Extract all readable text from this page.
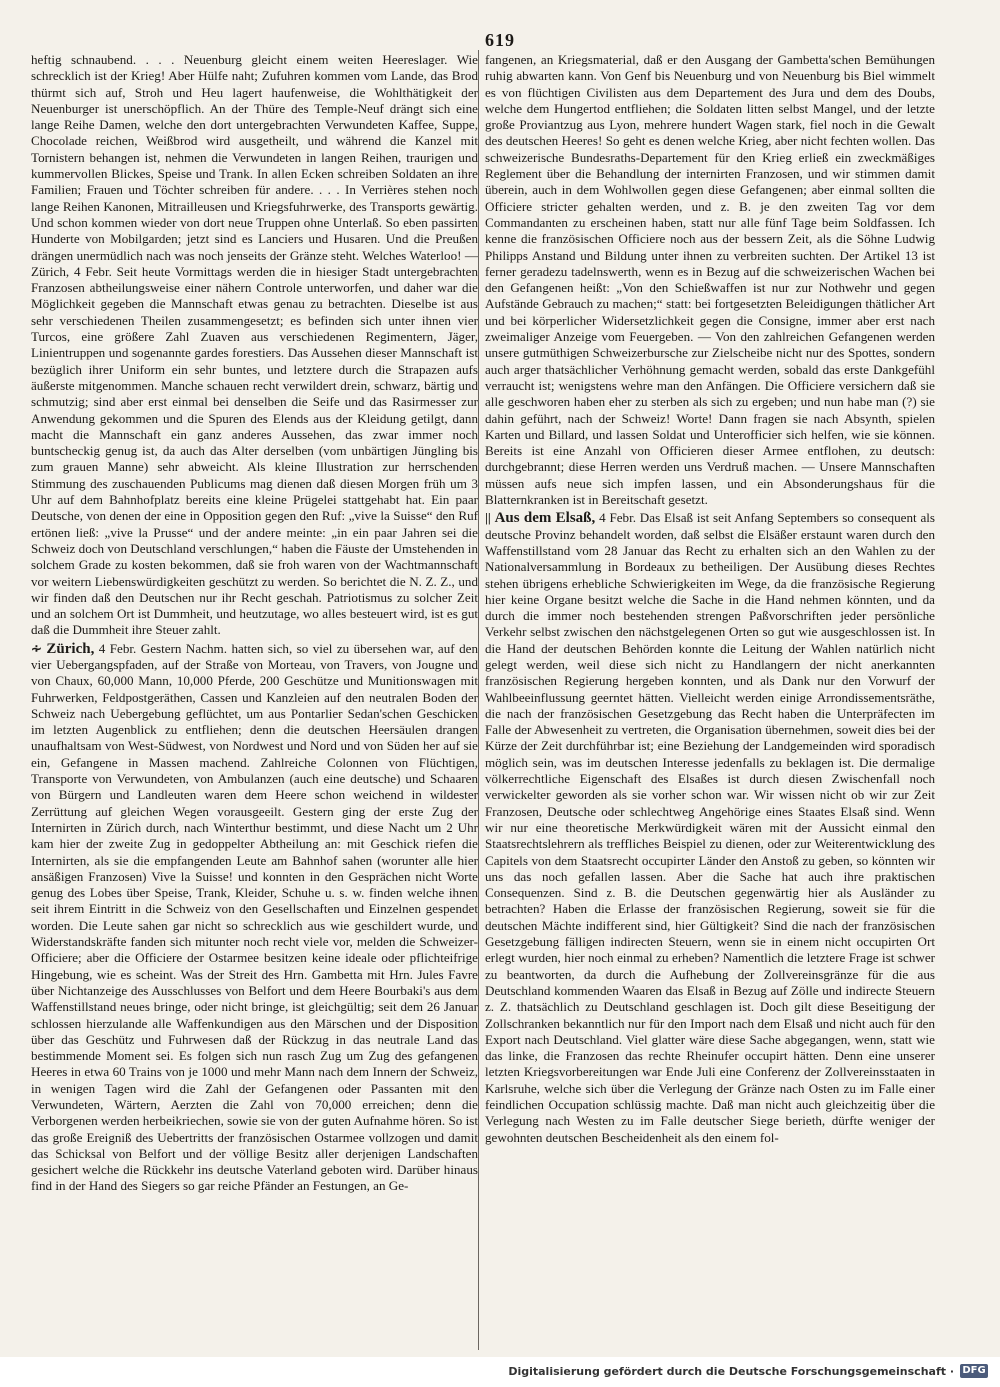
619

heftig schnaubend. . . . Neuenburg gleicht einem weiten Heereslager. Wie schrecklich ist der Krieg! Aber Hülfe naht; Zufuhren kommen vom Lande, das Brod thürmt sich auf, Stroh und Heu lagert haufenweise, die Wohlthätigkeit der Neuenburger ist unerschöpflich. An der Thüre des Temple-Neuf drängt sich eine lange Reihe Damen, welche den dort untergebrachten Verwundeten Kaffee, Suppe, Chocolade reichen, Weißbrod wird ausgetheilt, und während die Kanzel mit Tornistern behangen ist, nehmen die Verwundeten in langen Reihen, traurigen und kummervollen Blickes, Speise und Trank. In allen Ecken schreiben Soldaten an ihre Familien; Frauen und Töchter schreiben für andere. . . . In Verrières stehen noch lange Reihen Kanonen, Mitrailleusen und Kriegsfuhrwerke, des Transports gewärtig. Und schon kommen wieder von dort neue Truppen ohne Unterlaß. So eben passirten Hunderte von Mobilgarden; jetzt sind es Lanciers und Husaren. Und die Preußen drängen unermüdlich nach was noch jenseits der Gränze steht. Welches Waterloo! — Zürich, 4 Febr. Seit heute Vormittags werden die in hiesiger Stadt untergebrachten Franzosen abtheilungsweise einer nähern Controle unterworfen, und daher war die Möglichkeit gegeben die Mannschaft etwas genau zu betrachten. Dieselbe ist aus sehr verschiedenen Theilen zusammengesetzt; es befinden sich unter ihnen vier Turcos, eine größere Zahl Zuaven aus verschiedenen Regimentern, Jäger, Linientruppen und sogenannte gardes forestiers. Das Aussehen dieser Mannschaft ist bezüglich ihrer Uniform ein sehr buntes, und letztere durch die Strapazen aufs äußerste mitgenommen. Manche schauen recht verwildert drein, schwarz, bärtig und schmutzig; sind aber erst einmal bei denselben die Seife und das Rasirmesser zur Anwendung gekommen und die Spuren des Elends aus der Kleidung getilgt, dann macht die Mannschaft ein ganz anderes Aussehen, das zwar immer noch buntscheckig genug ist, da auch das Alter derselben (vom unbärtigen Jüngling bis zum grauen Manne) sehr abweicht. Als kleine Illustration zur herrschenden Stimmung des zuschauenden Publicums mag dienen daß diesen Morgen früh um 3 Uhr auf dem Bahnhofplatz bereits eine kleine Prügelei stattgehabt hat. Ein paar Deutsche, von denen der eine in Opposition gegen den Ruf: „vive la Suisse“ den Ruf ertönen ließ: „vive la Prusse“ und der andere meinte: „in ein paar Jahren sei die Schweiz doch von Deutschland verschlungen,“ haben die Fäuste der Umstehenden in solchem Grade zu kosten bekommen, daß sie froh waren von der Wachtmannschaft vor weitern Liebenswürdigkeiten geschützt zu werden. So berichtet die N. Z. Z., und wir finden daß den Deutschen nur ihr Recht geschah. Patriotismus zu solcher Zeit und an solchem Ort ist Dummheit, und heutzutage, wo alles besteuert wird, ist es gut daß die Dummheit ihre Steuer zahlt.

∻ Zürich, 4 Febr. Gestern Nachm. hatten sich, so viel zu übersehen war, auf den vier Uebergangspfaden, auf der Straße von Morteau, von Travers, von Jougne und von Chaux, 60,000 Mann, 10,000 Pferde, 200 Geschütze und Munitionswagen mit Fuhrwerken, Feldpostgeräthen, Cassen und Kanzleien auf den neutralen Boden der Schweiz nach Uebergebung geflüchtet, um aus Pontarlier Sedan'schen Geschicken im letzten Augenblick zu entfliehen; denn die deutschen Heersäulen drangen unaufhaltsam von West-Südwest, von Nordwest und Nord und von Süden her auf sie ein, Gefangene in Massen machend. Zahlreiche Colonnen von Flüchtigen, Transporte von Verwundeten, von Ambulanzen (auch eine deutsche) und Schaaren von Bürgern und Landleuten waren dem Heere schon weichend in wildester Zerrüttung auf gleichen Wegen vorausgeeilt. Gestern ging der erste Zug der Internirten in Zürich durch, nach Winterthur bestimmt, und diese Nacht um 2 Uhr kam hier der zweite Zug in gedoppelter Abtheilung an: mit Geschick riefen die Internirten, als sie die empfangenden Leute am Bahnhof sahen (worunter alle hier ansäßigen Franzosen) Vive la Suisse! und konnten in den Gesprächen nicht Worte genug des Lobes über Speise, Trank, Kleider, Schuhe u. s. w. finden welche ihnen seit ihrem Eintritt in die Schweiz von den Gesellschaften und Einzelnen gespendet worden. Die Leute sahen gar nicht so schrecklich aus wie geschildert wurde, und Widerstandskräfte fanden sich mitunter noch recht viele vor, melden die Schweizer-Officiere; aber die Officiere der Ostarmee besitzen keine ideale oder pflichteifrige Hingebung, wie es scheint. Was der Streit des Hrn. Gambetta mit Hrn. Jules Favre über Nichtanzeige des Ausschlusses von Belfort und dem Heere Bourbaki's aus dem Waffenstillstand neues bringe, oder nicht bringe, ist gleichgültig; seit dem 26 Januar schlossen hierzulande alle Waffenkundigen aus den Märschen und der Disposition über das Geschütz und Fuhrwesen daß der Rückzug in das neutrale Land das bestimmende Moment sei. Es folgen sich nun rasch Zug um Zug des gefangenen Heeres in etwa 60 Trains von je 1000 und mehr Mann nach dem Innern der Schweiz, in wenigen Tagen wird die Zahl der Gefangenen oder Passanten mit den Verwundeten, Wärtern, Aerzten die Zahl von 70,000 erreichen; denn die Verborgenen werden herbeikriechen, sowie sie von der guten Aufnahme hören. So ist das große Ereigniß des Uebertritts der französischen Ostarmee vollzogen und damit das Schicksal von Belfort und der völlige Besitz aller derjenigen Landschaften gesichert welche die Rückkehr ins deutsche Vaterland geboten wird. Darüber hinaus find in der Hand des Siegers so gar reiche Pfänder an Festungen, an Ge-

fangenen, an Kriegsmaterial, daß er den Ausgang der Gambetta'schen Bemühungen ruhig abwarten kann. Von Genf bis Neuenburg und von Neuenburg bis Biel wimmelt es von flüchtigen Civilisten aus dem Departement des Jura und dem des Doubs, welche dem Hungertod entfliehen; die Soldaten litten selbst Mangel, und der letzte große Proviantzug aus Lyon, mehrere hundert Wagen stark, fiel noch in die Gewalt des deutschen Heeres! So geht es denen welche Krieg, aber nicht fechten wollen. Das schweizerische Bundesraths-Departement für den Krieg erließ ein zweckmäßiges Reglement über die Behandlung der internirten Franzosen, und wir stimmen damit überein, auch in dem Wohlwollen gegen diese Gefangenen; aber einmal sollten die Officiere stricter gehalten werden, und z. B. je den zweiten Tag vor dem Commandanten zu erscheinen haben, statt nur alle fünf Tage beim Soldfassen. Ich kenne die französischen Officiere noch aus der bessern Zeit, als die Söhne Ludwig Philipps Anstand und Bildung unter ihnen zu verbreiten suchten. Der Artikel 13 ist ferner geradezu tadelnswerth, wenn es in Bezug auf die schweizerischen Wachen bei den Gefangenen heißt: „Von den Schießwaffen ist nur zur Nothwehr und gegen Aufstände Gebrauch zu machen;“ statt: bei fortgesetzten Beleidigungen thätlicher Art und bei körperlicher Widersetzlichkeit gegen die Consigne, immer aber erst nach zweimaliger Anzeige vom Feuergeben. — Von den zahlreichen Gefangenen werden unsere gutmüthigen Schweizerbursche zur Zielscheibe nicht nur des Spottes, sondern auch arger thatsächlicher Verhöhnung gemacht werden, sobald das erste Dankgefühl verraucht ist; wenigstens wehre man den Anfängen. Die Officiere versichern daß sie alle geschworen haben eher zu sterben als sich zu ergeben; und nun habe man (?) sie dahin geführt, nach der Schweiz! Worte! Dann fragen sie nach Absynth, spielen Karten und Billard, und lassen Soldat und Unterofficier sich helfen, wie sie können. Bereits ist eine Anzahl von Officieren dieser Armee entflohen, zu deutsch: durchgebrannt; diese Herren werden uns Verdruß machen. — Unsere Mannschaften müssen aufs neue sich impfen lassen, und ein Absonderungshaus für die Blatternkranken ist in Bereitschaft gesetzt.

|| Aus dem Elsaß, 4 Febr. Das Elsaß ist seit Anfang Septembers so consequent als deutsche Provinz behandelt worden, daß selbst die Elsäßer erstaunt waren durch den Waffenstillstand vom 28 Januar das Recht zu erhalten sich an den Wahlen zu der Nationalversammlung in Bordeaux zu betheiligen. Der Ausübung dieses Rechtes stehen übrigens erhebliche Schwierigkeiten im Wege, da die französische Regierung hier keine Organe besitzt welche die Sache in die Hand nehmen könnten, und da durch die immer noch bestehenden strengen Paßvorschriften jeder persönliche Verkehr selbst zwischen den nächstgelegenen Orten so gut wie ausgeschlossen ist. In die Hand der deutschen Behörden konnte die Leitung der Wahlen natürlich nicht gelegt werden, weil diese sich nicht zu Handlangern der nicht anerkannten französischen Regierung hergeben konnten, und als Dank nur den Vorwurf der Wahlbeeinflussung geerntet hätten. Vielleicht werden einige Arrondissementsräthe, die nach der französischen Gesetzgebung das Recht haben die Unterpräfecten im Falle der Abwesenheit zu vertreten, die Organisation übernehmen, soweit dies bei der Kürze der Zeit durchführbar ist; eine Beziehung der Landgemeinden wird sporadisch möglich sein, was im deutschen Interesse jedenfalls zu beklagen ist. Die dermalige völkerrechtliche Eigenschaft des Elsaßes ist durch diesen Zwischenfall noch verwickelter geworden als sie vorher schon war. Wir wissen nicht ob wir zur Zeit Franzosen, Deutsche oder schlechtweg Angehörige eines Staates Elsaß sind. Wenn wir nur eine theoretische Merkwürdigkeit wären mit der Aussicht einmal den Staatsrechtslehrern als treffliches Beispiel zu dienen, oder zur Weiterentwicklung des Capitels von dem Staatsrecht occupirter Länder den Anstoß zu geben, so könnten wir uns das noch gefallen lassen. Aber die Sache hat auch ihre praktischen Consequenzen. Sind z. B. die Deutschen gegenwärtig hier als Ausländer zu betrachten? Haben die Erlasse der französischen Regierung, soweit sie für die deutschen Mächte indifferent sind, hier Gültigkeit? Sind die nach der französischen Gesetzgebung fälligen indirecten Steuern, wenn sie in einem nicht occupirten Ort erlegt wurden, hier noch einmal zu erheben? Namentlich die letztere Frage ist schwer zu beantworten, da durch die Aufhebung der Zollvereinsgränze für die aus Deutschland kommenden Waaren das Elsaß in Bezug auf Zölle und indirecte Steuern z. Z. thatsächlich zu Deutschland geschlagen ist. Doch gilt diese Beseitigung der Zollschranken bekanntlich nur für den Import nach dem Elsaß und nicht auch für den Export nach Deutschland. Viel glatter wäre diese Sache abgegangen, wenn, statt wie das linke, die Franzosen das rechte Rheinufer occupirt hätten. Denn eine unserer letzten Kriegsvorbereitungen war Ende Juli eine Conferenz der Zollvereinsstaaten in Karlsruhe, welche sich über die Verlegung der Gränze nach Osten zu im Falle einer feindlichen Occupation schlüssig machte. Daß man nicht auch gleichzeitig über die Verlegung nach Westen zu im Falle deutscher Siege berieth, dürfte weniger der gewohnten deutschen Bescheidenheit als den einem fol-

Digitalisierung gefördert durch die Deutsche Forschungsgemeinschaft · DFG
